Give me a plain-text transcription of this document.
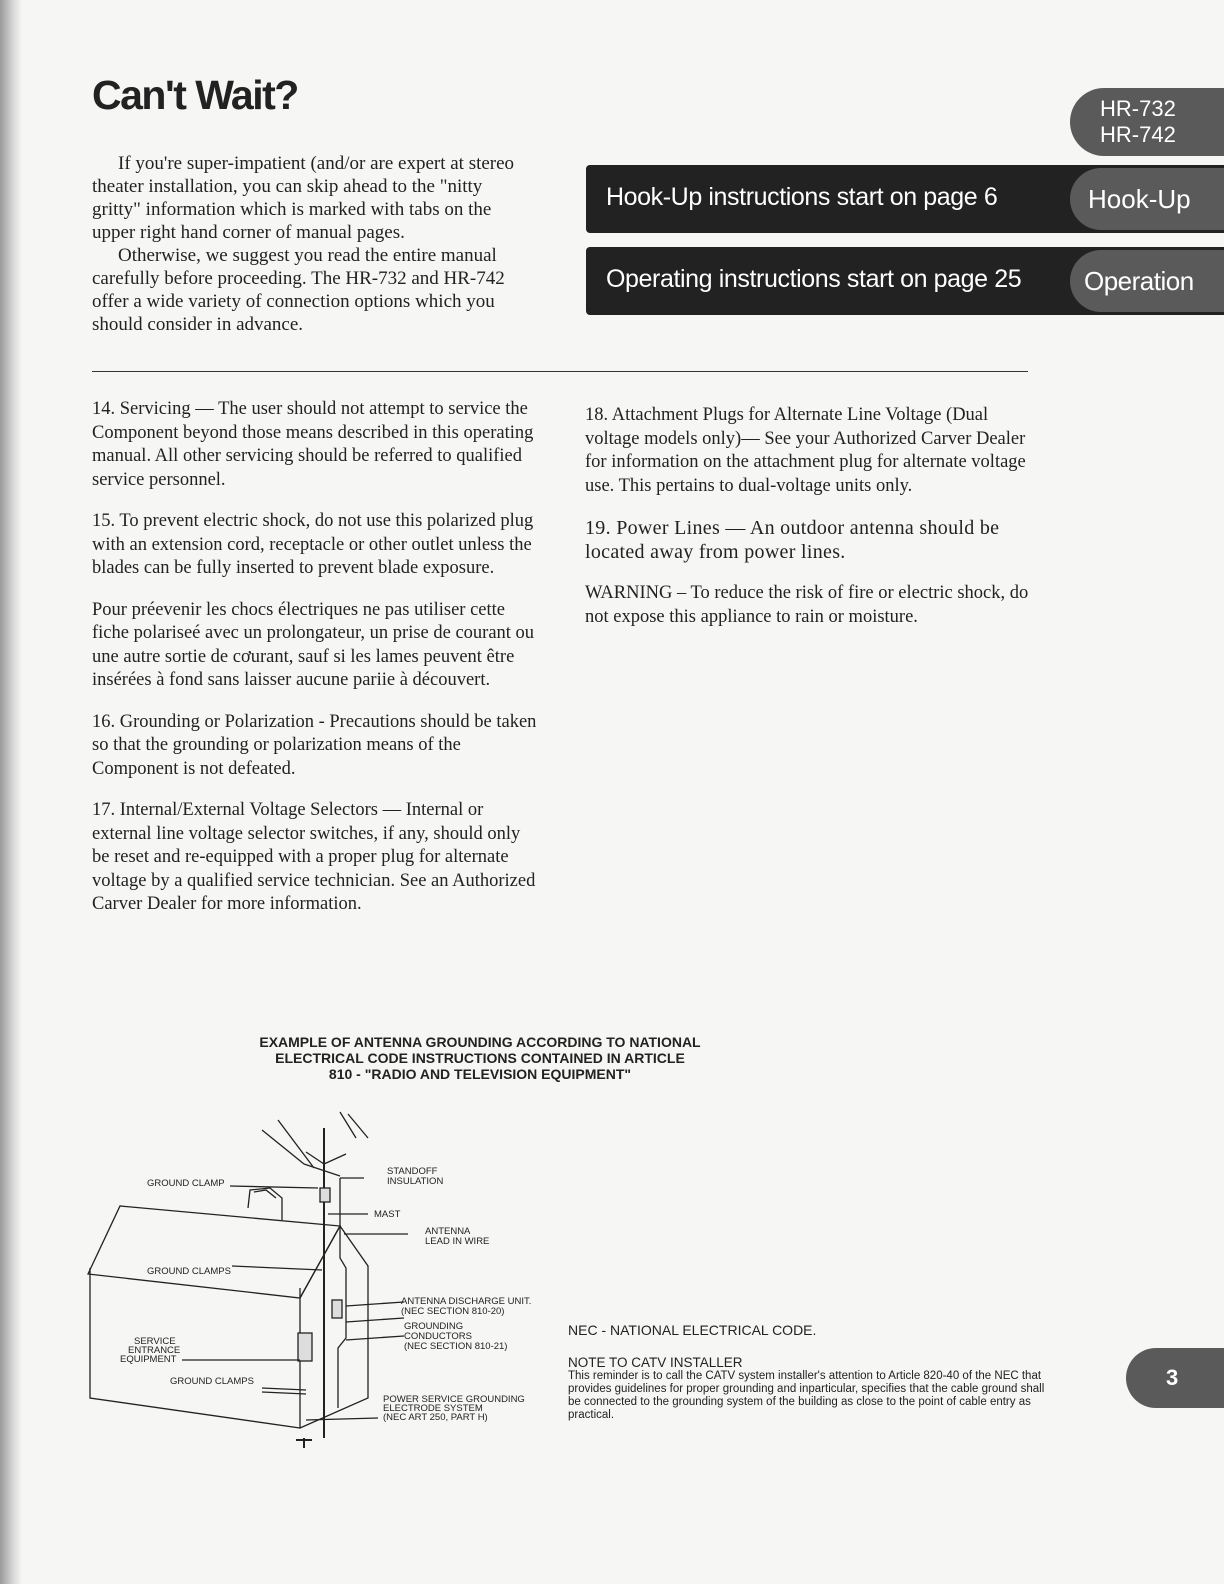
Can't Wait?

If you're super-impatient (and/or are expert at stereo theater installation, you can skip ahead to the "nitty gritty" information which is marked with tabs on the upper right hand corner of manual pages.

Otherwise, we suggest you read the entire manual carefully before proceeding. The HR-732 and HR-742 offer a wide variety of connection options which you should consider in advance.

Hook-Up instructions start on page 6
Operating instructions start on page 25
HR-732
HR-742
Hook-Up
Operation

14. Servicing — The user should not attempt to service the Component beyond those means described in this operating manual. All other servicing should be referred to qualified service personnel.

15. To prevent electric shock, do not use this polarized plug with an extension cord, receptacle or other outlet unless the blades can be fully inserted to prevent blade exposure.

Pour préevenir les chocs électriques ne pas utiliser cette fiche polariseé avec un prolongateur, un prise de courant ou une autre sortie de cơurant, sauf si les lames peuvent être insérées à fond sans laisser aucune pariie à découvert.

16. Grounding or Polarization - Precautions should be taken so that the grounding or polarization means of the Component is not defeated.

17. Internal/External Voltage Selectors — Internal or external line voltage selector switches, if any, should only be reset and re-equipped with a proper plug for alternate voltage by a qualified service technician. See an Authorized Carver Dealer for more information.

18. Attachment Plugs for Alternate Line Voltage (Dual voltage models only)— See your Authorized Carver Dealer for information on the attachment plug for alternate voltage use. This pertains to dual-voltage units only.

19. Power Lines — An outdoor antenna should be located away from power lines.

WARNING – To reduce the risk of fire or electric shock, do not expose this appliance to rain or moisture.

EXAMPLE OF ANTENNA GROUNDING ACCORDING TO NATIONAL
ELECTRICAL CODE INSTRUCTIONS CONTAINED IN ARTICLE
810 - "RADIO AND TELEVISION EQUIPMENT"
GROUND CLAMP
STANDOFF
INSULATION
MAST
ANTENNA
LEAD IN WIRE
GROUND CLAMPS
ANTENNA DISCHARGE UNIT.
(NEC SECTION 810-20)
GROUNDING
CONDUCTORS
(NEC SECTION 810-21)
SERVICE
ENTRANCE
EQUIPMENT
GROUND CLAMPS
POWER SERVICE GROUNDING
ELECTRODE SYSTEM
(NEC ART 250, PART H)
NEC - NATIONAL ELECTRICAL CODE.
NOTE TO CATV INSTALLER
This reminder is to call the CATV system installer's attention to Article 820-40 of the NEC that provides guidelines for proper grounding and inparticular, specifies that the cable ground shall be connected to the grounding system of the building as close to the point of cable entry as practical.
3
